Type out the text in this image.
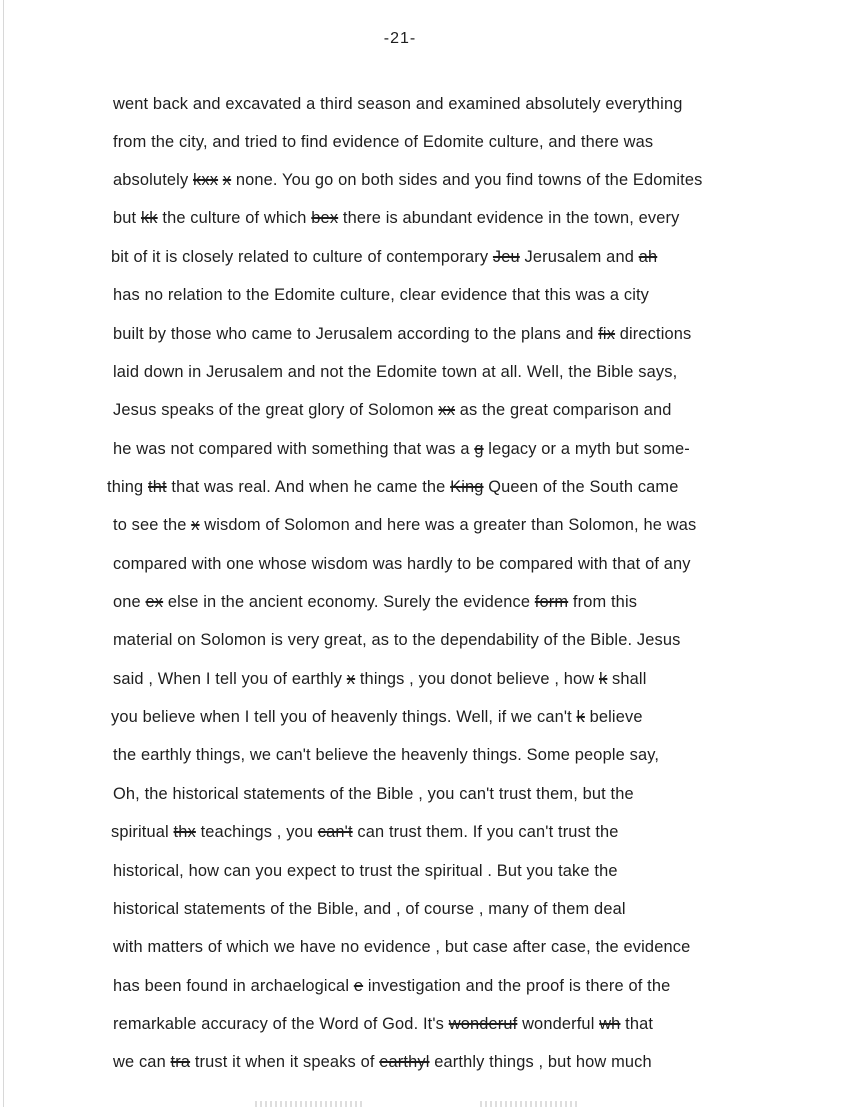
-21-
went back and excavated a third season and examined absolutely everything
from the city, and tried to find evidence of Edomite culture, and there was
absolutely kxx x none. You go on both sides and you find towns of the Edomites
but kk the culture of which bex there is abundant evidence in the town, every
bit of it is closely related to culture of contemporary Jeu Jerusalem and ah
has no relation to the Edomite culture, clear evidence that this was a city
built by those who came to Jerusalem according to the plans and fix directions
laid down in Jerusalem and not the Edomite town at all. Well, the Bible says,
Jesus speaks of the great glory of Solomon xx as the great comparison and
he was not compared with something that was a g legacy or a myth but some-
thing tht that was real. And when he came the King Queen of the South came
to see the x wisdom of Solomon and here was a greater than Solomon, he was
compared with one whose wisdom was hardly to be compared with that of any
one ex else in the ancient economy. Surely the evidence form from this
material on Solomon is very great, as to the dependability of the Bible. Jesus
said , When I tell you of earthly x things , you donot believe , how k shall
you believe when I tell you of heavenly things. Well, if we can't k believe
the earthly things, we can't believe the heavenly things. Some people say,
Oh, the historical statements of the Bible , you can't trust them, but the
spiritual thx teachings , you can't can trust them. If you can't trust the
historical, how can you expect to trust the spiritual . But you take the
historical statements of the Bible, and , of course , many of them deal
with matters of which we have no evidence , but case after case, the evidence
has been found in archaelogical e investigation and the proof is there of the
remarkable accuracy of the Word of God. It's wonderuf wonderful wh that
we can tra trust it when it speaks of earthyl earthly things , but how much
